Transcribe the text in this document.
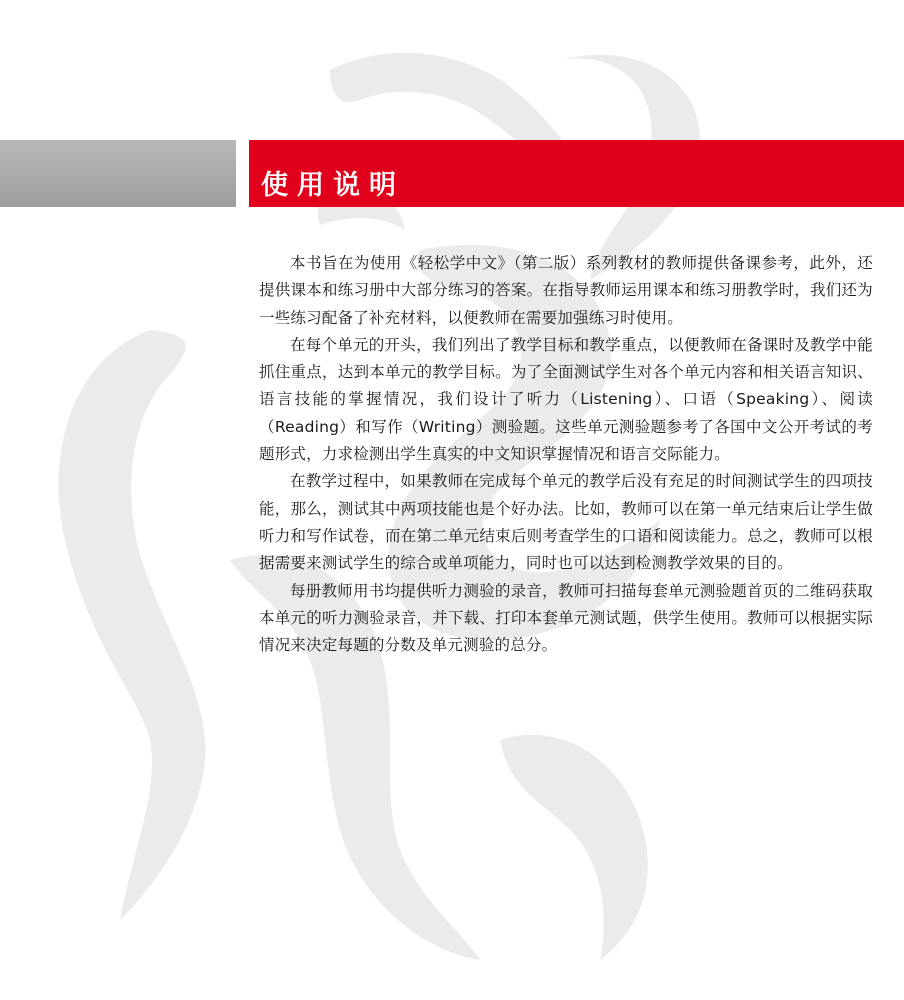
使用说明

本书旨在为使用《轻松学中文》（第二版）系列教材的教师提供备课参考，此外，还提供课本和练习册中大部分练习的答案。在指导教师运用课本和练习册教学时，我们还为一些练习配备了补充材料，以便教师在需要加强练习时使用。

在每个单元的开头，我们列出了教学目标和教学重点，以便教师在备课时及教学中能抓住重点，达到本单元的教学目标。为了全面测试学生对各个单元内容和相关语言知识、语言技能的掌握情况，我们设计了听力（Listening）、口语（Speaking）、阅读（Reading）和写作（Writing）测验题。这些单元测验题参考了各国中文公开考试的考题形式，力求检测出学生真实的中文知识掌握情况和语言交际能力。

在教学过程中，如果教师在完成每个单元的教学后没有充足的时间测试学生的四项技能，那么，测试其中两项技能也是个好办法。比如，教师可以在第一单元结束后让学生做听力和写作试卷，而在第二单元结束后则考查学生的口语和阅读能力。总之，教师可以根据需要来测试学生的综合或单项能力，同时也可以达到检测教学效果的目的。

每册教师用书均提供听力测验的录音，教师可扫描每套单元测验题首页的二维码获取本单元的听力测验录音，并下载、打印本套单元测试题，供学生使用。教师可以根据实际情况来决定每题的分数及单元测验的总分。
